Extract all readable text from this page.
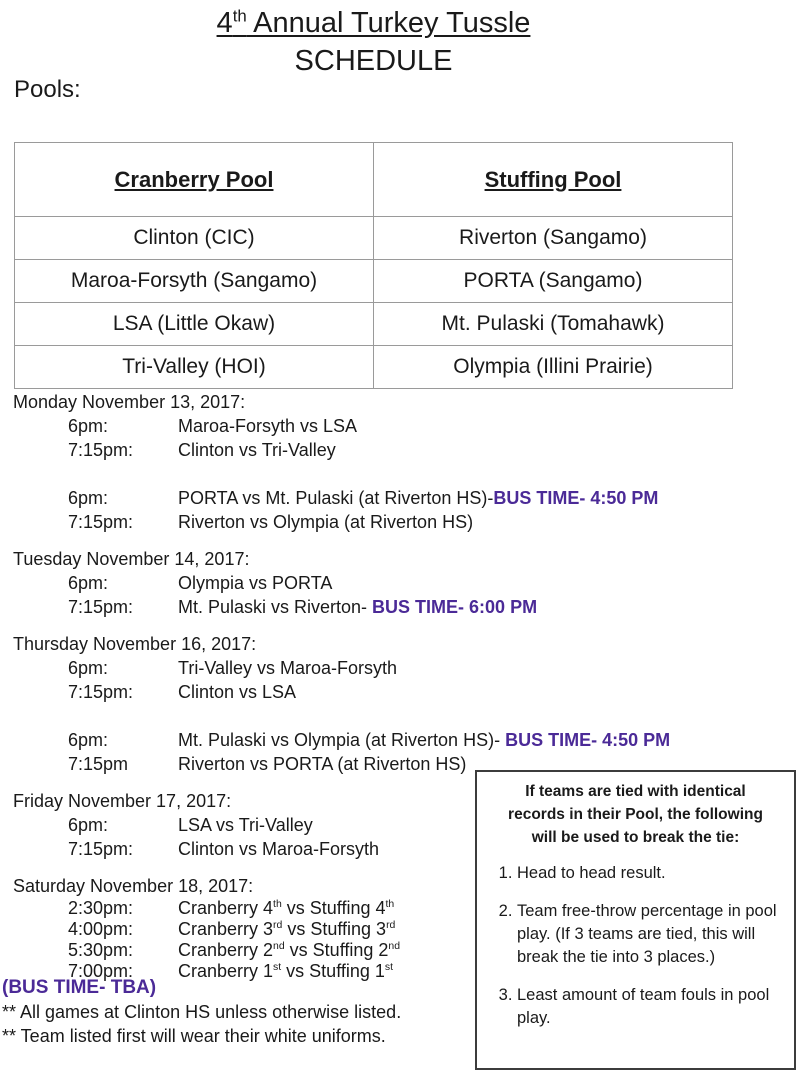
4th Annual Turkey Tussle
SCHEDULE
Pools:
Cranberry Pool	Stuffing Pool
Clinton (CIC)	Riverton (Sangamo)
Maroa-Forsyth (Sangamo)	PORTA (Sangamo)
LSA (Little Okaw)	Mt. Pulaski (Tomahawk)
Tri-Valley (HOI)	Olympia (Illini Prairie)
Monday November 13, 2017:
6pm:	Maroa-Forsyth vs LSA
7:15pm: Clinton vs Tri-Valley
6pm:	PORTA vs Mt. Pulaski (at Riverton HS)-BUS TIME- 4:50 PM
7:15pm: Riverton vs Olympia (at Riverton HS)
Tuesday November 14, 2017:
6pm:	Olympia vs PORTA
7:15pm: Mt. Pulaski vs Riverton- BUS TIME- 6:00 PM
Thursday November 16, 2017:
6pm:	Tri-Valley vs Maroa-Forsyth
7:15pm: Clinton vs LSA
6pm:	Mt. Pulaski vs Olympia (at Riverton HS)- BUS TIME- 4:50 PM
7:15pm	Riverton vs PORTA (at Riverton HS)
Friday November 17, 2017:
6pm:	LSA vs Tri-Valley
7:15pm: Clinton vs Maroa-Forsyth
Saturday November 18, 2017:
2:30pm: Cranberry 4th vs Stuffing 4th
4:00pm: Cranberry 3rd vs Stuffing 3rd
5:30pm: Cranberry 2nd vs Stuffing 2nd
7:00pm: Cranberry 1st vs Stuffing 1st
(BUS TIME- TBA)
** All games at Clinton HS unless otherwise listed.
** Team listed first will wear their white uniforms.
If teams are tied with identical
records in their Pool, the following
will be used to break the tie:
1. Head to head result.
2. Team free-throw percentage in pool play. (If 3 teams are tied, this will break the tie into 3 places.)
3. Least amount of team fouls in pool play.
